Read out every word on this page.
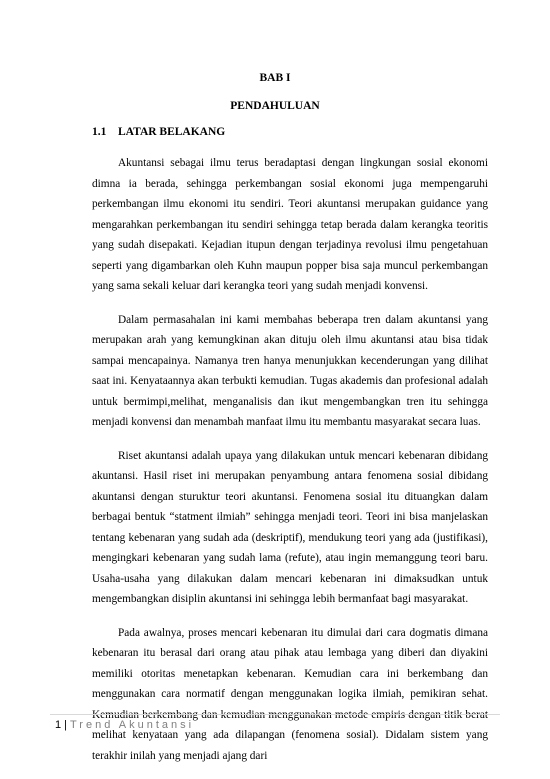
BAB I
PENDAHULUAN
1.1 LATAR BELAKANG

Akuntansi sebagai ilmu terus beradaptasi dengan lingkungan sosial ekonomi dimna ia berada, sehingga perkembangan sosial ekonomi juga mempengaruhi perkembangan ilmu ekonomi itu sendiri. Teori akuntansi merupakan guidance yang mengarahkan perkembangan itu sendiri sehingga tetap berada dalam kerangka teoritis yang sudah disepakati. Kejadian itupun dengan terjadinya revolusi ilmu pengetahuan seperti yang digambarkan oleh Kuhn maupun popper bisa saja muncul perkembangan yang sama sekali keluar dari kerangka teori yang sudah menjadi konvensi.

Dalam permasahalan ini kami membahas beberapa tren dalam akuntansi yang merupakan arah yang kemungkinan akan dituju oleh ilmu akuntansi atau bisa tidak sampai mencapainya. Namanya tren hanya menunjukkan kecenderungan yang dilihat saat ini. Kenyataannya akan terbukti kemudian. Tugas akademis dan profesional adalah untuk bermimpi,melihat, menganalisis dan ikut mengembangkan tren itu sehingga menjadi konvensi dan menambah manfaat ilmu itu membantu masyarakat secara luas.

Riset akuntansi adalah upaya yang dilakukan untuk mencari kebenaran dibidang akuntansi. Hasil riset ini merupakan penyambung antara fenomena sosial dibidang akuntansi dengan sturuktur teori akuntansi. Fenomena sosial itu dituangkan dalam berbagai bentuk “statment ilmiah” sehingga menjadi teori. Teori ini bisa manjelaskan tentang kebenaran yang sudah ada (deskriptif), mendukung teori yang ada (justifikasi), mengingkari kebenaran yang sudah lama (refute), atau ingin memanggung teori baru. Usaha-usaha yang dilakukan dalam mencari kebenaran ini dimaksudkan untuk mengembangkan disiplin akuntansi ini sehingga lebih bermanfaat bagi masyarakat.

Pada awalnya, proses mencari kebenaran itu dimulai dari cara dogmatis dimana kebenaran itu berasal dari orang atau pihak atau lembaga yang diberi dan diyakini memiliki otoritas menetapkan kebenaran. Kemudian cara ini berkembang dan menggunakan cara normatif dengan menggunakan logika ilmiah, pemikiran sehat. Kemudian berkembang dan kemudian menggunakan metode empiris dengan titik berat melihat kenyataan yang ada dilapangan (fenomena sosial). Didalam sistem yang terakhir inilah yang menjadi ajang dari

1 | Trend Akuntansi
